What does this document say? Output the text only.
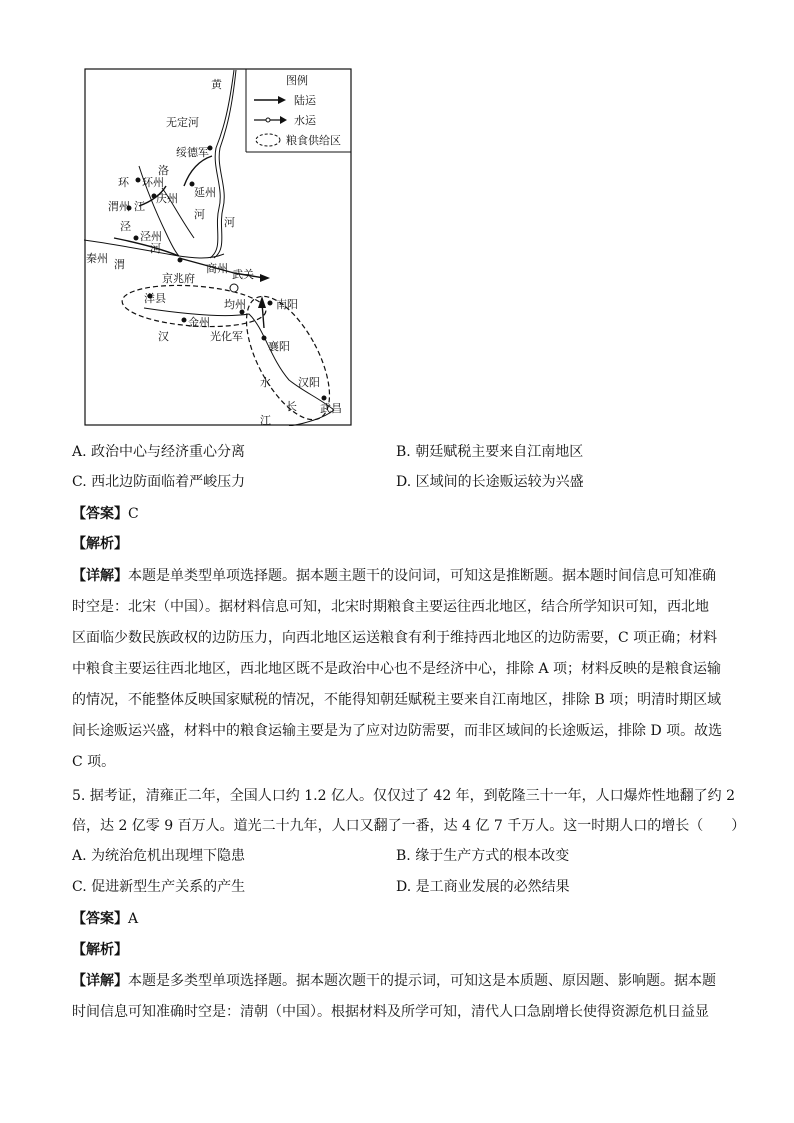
图例
陆运
水运
粮食供给区
黄
无定河
绥德军
洛
环 环州
庆州 延州
渭州 江
泾
泾州
河
河
河
秦州 渭	商州 武关
京兆府
洋县	均州	南阳
金州
汉	光化军
襄阳
水 汉阳
长 武昌
江
A. 政治中心与经济重心分离	B. 朝廷赋税主要来自江南地区
C. 西北边防面临着严峻压力	D. 区域间的长途贩运较为兴盛
【答案】C
【解析】
【详解】本题是单类型单项选择题。据本题主题干的设问词，可知这是推断题。据本题时间信息可知准确
时空是：北宋（中国）。据材料信息可知，北宋时期粮食主要运往西北地区，结合所学知识可知，西北地
区面临少数民族政权的边防压力，向西北地区运送粮食有利于维持西北地区的边防需要，C 项正确；材料
中粮食主要运往西北地区，西北地区既不是政治中心也不是经济中心，排除 A 项；材料反映的是粮食运输
的情况，不能整体反映国家赋税的情况，不能得知朝廷赋税主要来自江南地区，排除 B 项；明清时期区域
间长途贩运兴盛，材料中的粮食运输主要是为了应对边防需要，而非区域间的长途贩运，排除 D 项。故选
C 项。
5. 据考证，清雍正二年，全国人口约 1.2 亿人。仅仅过了 42 年，到乾隆三十一年，人口爆炸性地翻了约 2
倍，达 2 亿零 9 百万人。道光二十九年，人口又翻了一番，达 4 亿 7 千万人。这一时期人口的增长（　　）
A. 为统治危机出现埋下隐患	B. 缘于生产方式的根本改变
C. 促进新型生产关系的产生	D. 是工商业发展的必然结果
【答案】A
【解析】
【详解】本题是多类型单项选择题。据本题次题干的提示词，可知这是本质题、原因题、影响题。据本题
时间信息可知准确时空是：清朝（中国）。根据材料及所学可知，清代人口急剧增长使得资源危机日益显
